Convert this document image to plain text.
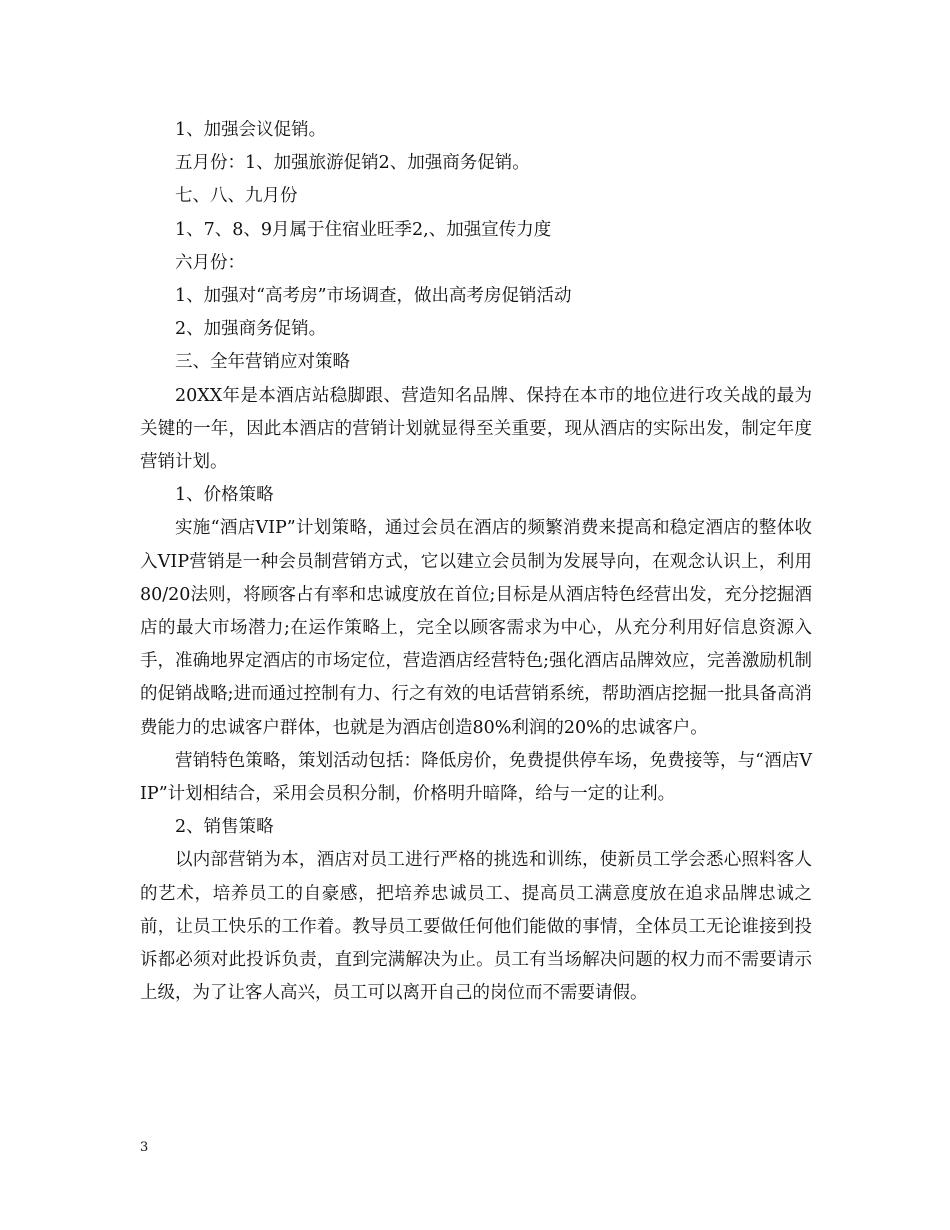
1、加强会议促销。

五月份：1、加强旅游促销2、加强商务促销。

七、八、九月份

1、7、8、9月属于住宿业旺季2,、加强宣传力度

六月份：

1、加强对“高考房”市场调查，做出高考房促销活动

2、加强商务促销。

三、全年营销应对策略

20XX年是本酒店站稳脚跟、营造知名品牌、保持在本市的地位进行攻关战的最为关键的一年，因此本酒店的营销计划就显得至关重要，现从酒店的实际出发，制定年度营销计划。

1、价格策略

实施“酒店VIP”计划策略，通过会员在酒店的频繁消费来提高和稳定酒店的整体收入VIP营销是一种会员制营销方式，它以建立会员制为发展导向，在观念认识上，利用80/20法则，将顾客占有率和忠诚度放在首位;目标是从酒店特色经营出发，充分挖掘酒店的最大市场潜力;在运作策略上，完全以顾客需求为中心，从充分利用好信息资源入手，准确地界定酒店的市场定位，营造酒店经营特色;强化酒店品牌效应，完善激励机制的促销战略;进而通过控制有力、行之有效的电话营销系统，帮助酒店挖掘一批具备高消费能力的忠诚客户群体，也就是为酒店创造80%利润的20%的忠诚客户。

营销特色策略，策划活动包括：降低房价，免费提供停车场，免费接等，与“酒店VIP”计划相结合，采用会员积分制，价格明升暗降，给与一定的让利。

2、销售策略

以内部营销为本，酒店对员工进行严格的挑选和训练，使新员工学会悉心照料客人的艺术，培养员工的自豪感，把培养忠诚员工、提高员工满意度放在追求品牌忠诚之前，让员工快乐的工作着。教导员工要做任何他们能做的事情，全体员工无论谁接到投诉都必须对此投诉负责，直到完满解决为止。员工有当场解决问题的权力而不需要请示上级，为了让客人高兴，员工可以离开自己的岗位而不需要请假。

3
